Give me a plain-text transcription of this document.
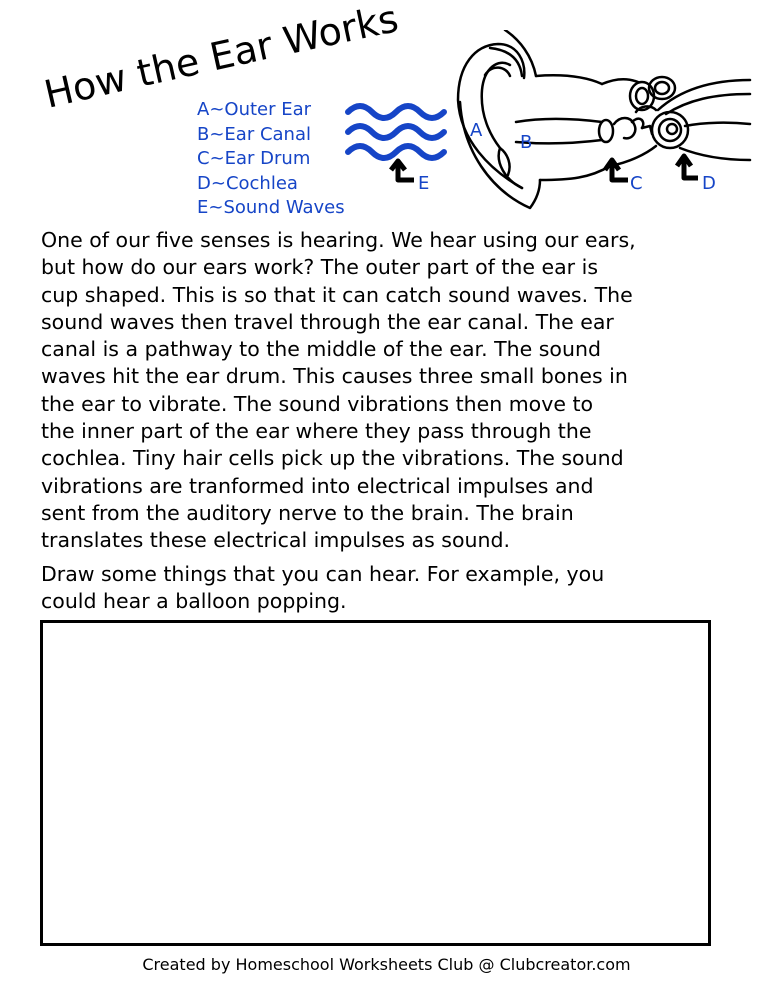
How the Ear Works
A~Outer Ear
B~Ear Canal
C~Ear Drum
D~Cochlea
E~Sound Waves
E
A
B
C	D

One of our five senses is hearing. We hear using our ears,
but how do our ears work? The outer part of the ear is
cup shaped. This is so that it can catch sound waves. The
sound waves then travel through the ear canal. The ear
canal is a pathway to the middle of the ear. The sound
waves hit the ear drum. This causes three small bones in
the ear to vibrate. The sound vibrations then move to
the inner part of the ear where they pass through the
cochlea. Tiny hair cells pick up the vibrations. The sound
vibrations are tranformed into electrical impulses and
sent from the auditory nerve to the brain. The brain
translates these electrical impulses as sound.

Draw some things that you can hear. For example, you
could hear a balloon popping.

Created by Homeschool Worksheets Club @ Clubcreator.com
